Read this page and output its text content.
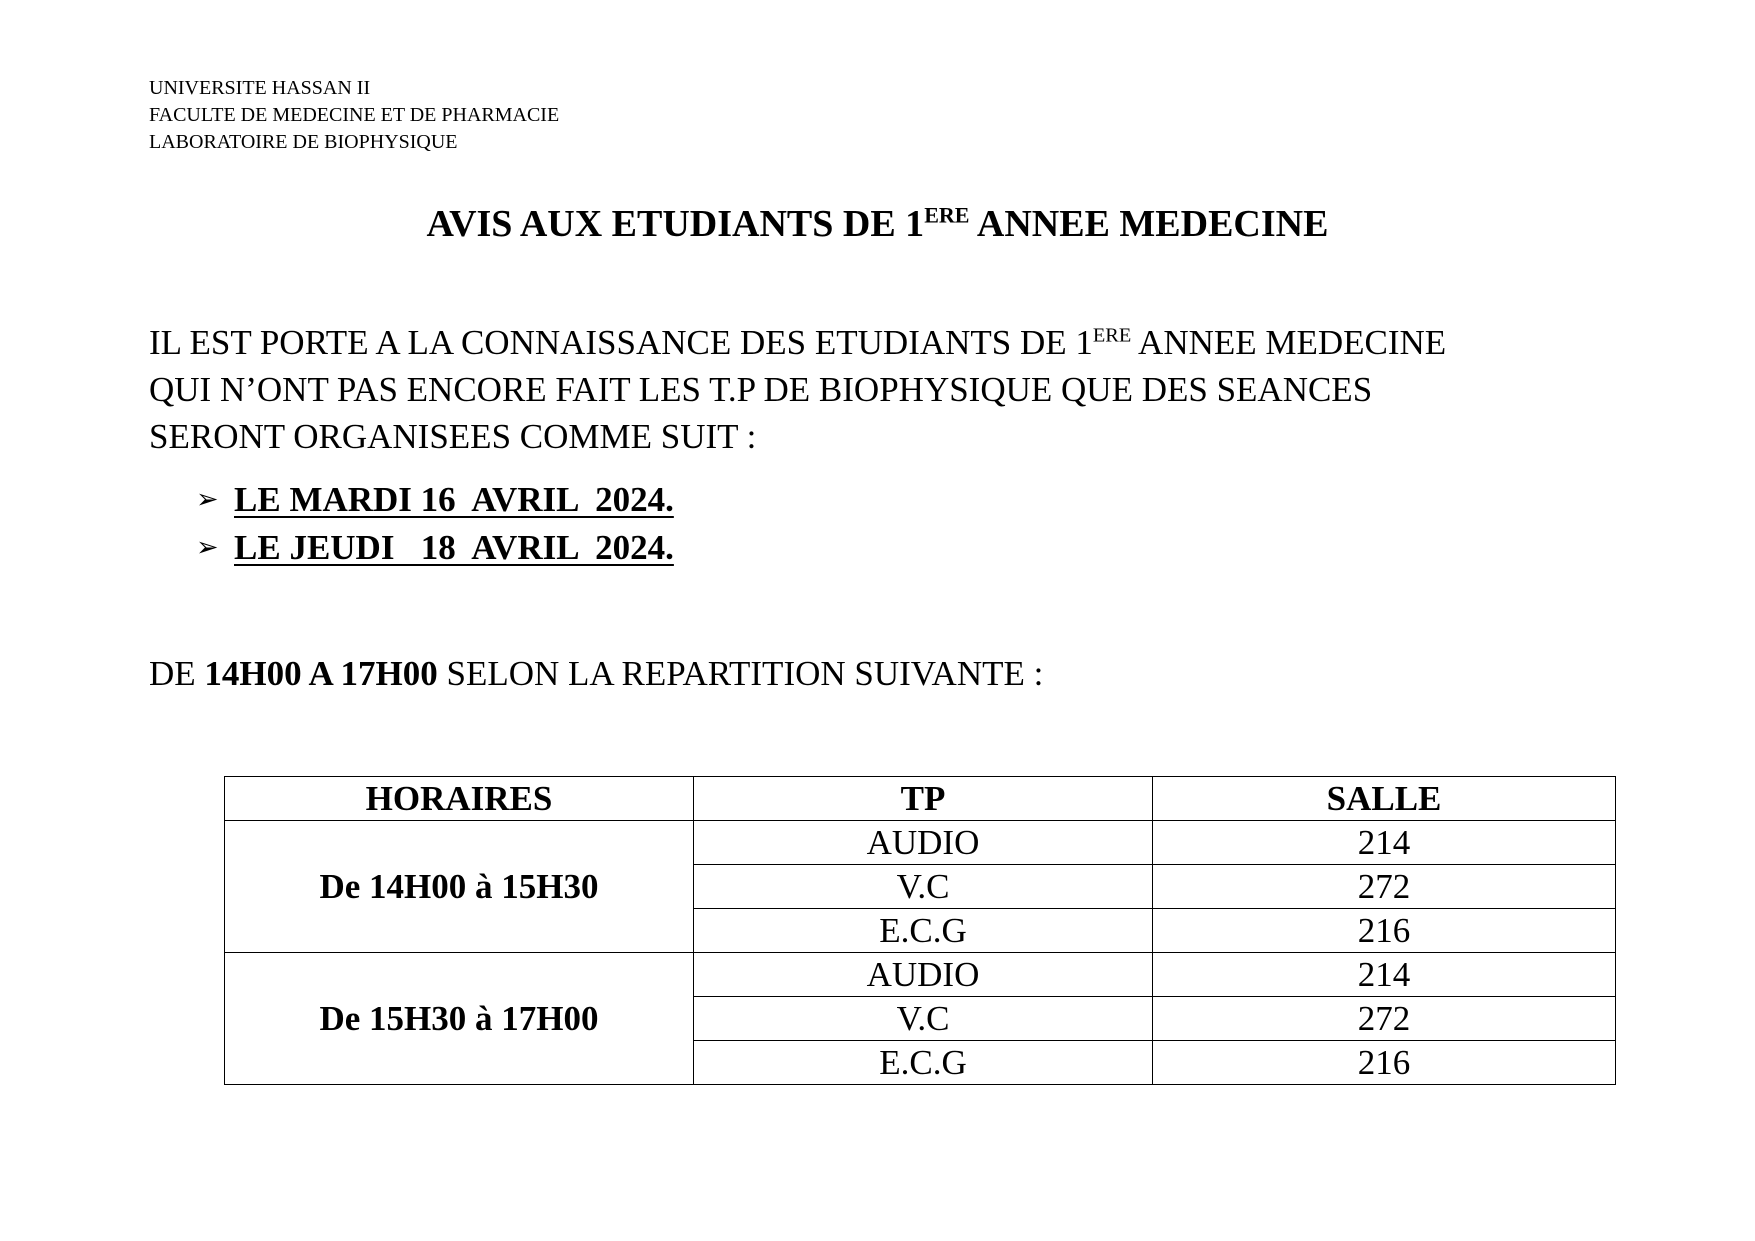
UNIVERSITE HASSAN II
FACULTE DE MEDECINE ET DE PHARMACIE
LABORATOIRE DE BIOPHYSIQUE
AVIS AUX ETUDIANTS DE 1ERE ANNEE MEDECINE
IL EST PORTE A LA CONNAISSANCE DES ETUDIANTS DE 1ERE ANNEE MEDECINE
QUI N’ONT PAS ENCORE FAIT LES T.P DE BIOPHYSIQUE QUE DES SEANCES
SERONT ORGANISEES COMME SUIT :
➢ LE MARDI 16  AVRIL  2024.
➢ LE JEUDI   18  AVRIL  2024.
DE 14H00 A 17H00 SELON LA REPARTITION SUIVANTE :
HORAIRES	TP	SALLE
De 14H00 à 15H30	AUDIO	214
	V.C	272
	E.C.G	216
De 15H30 à 17H00	AUDIO	214
	V.C	272
	E.C.G	216
